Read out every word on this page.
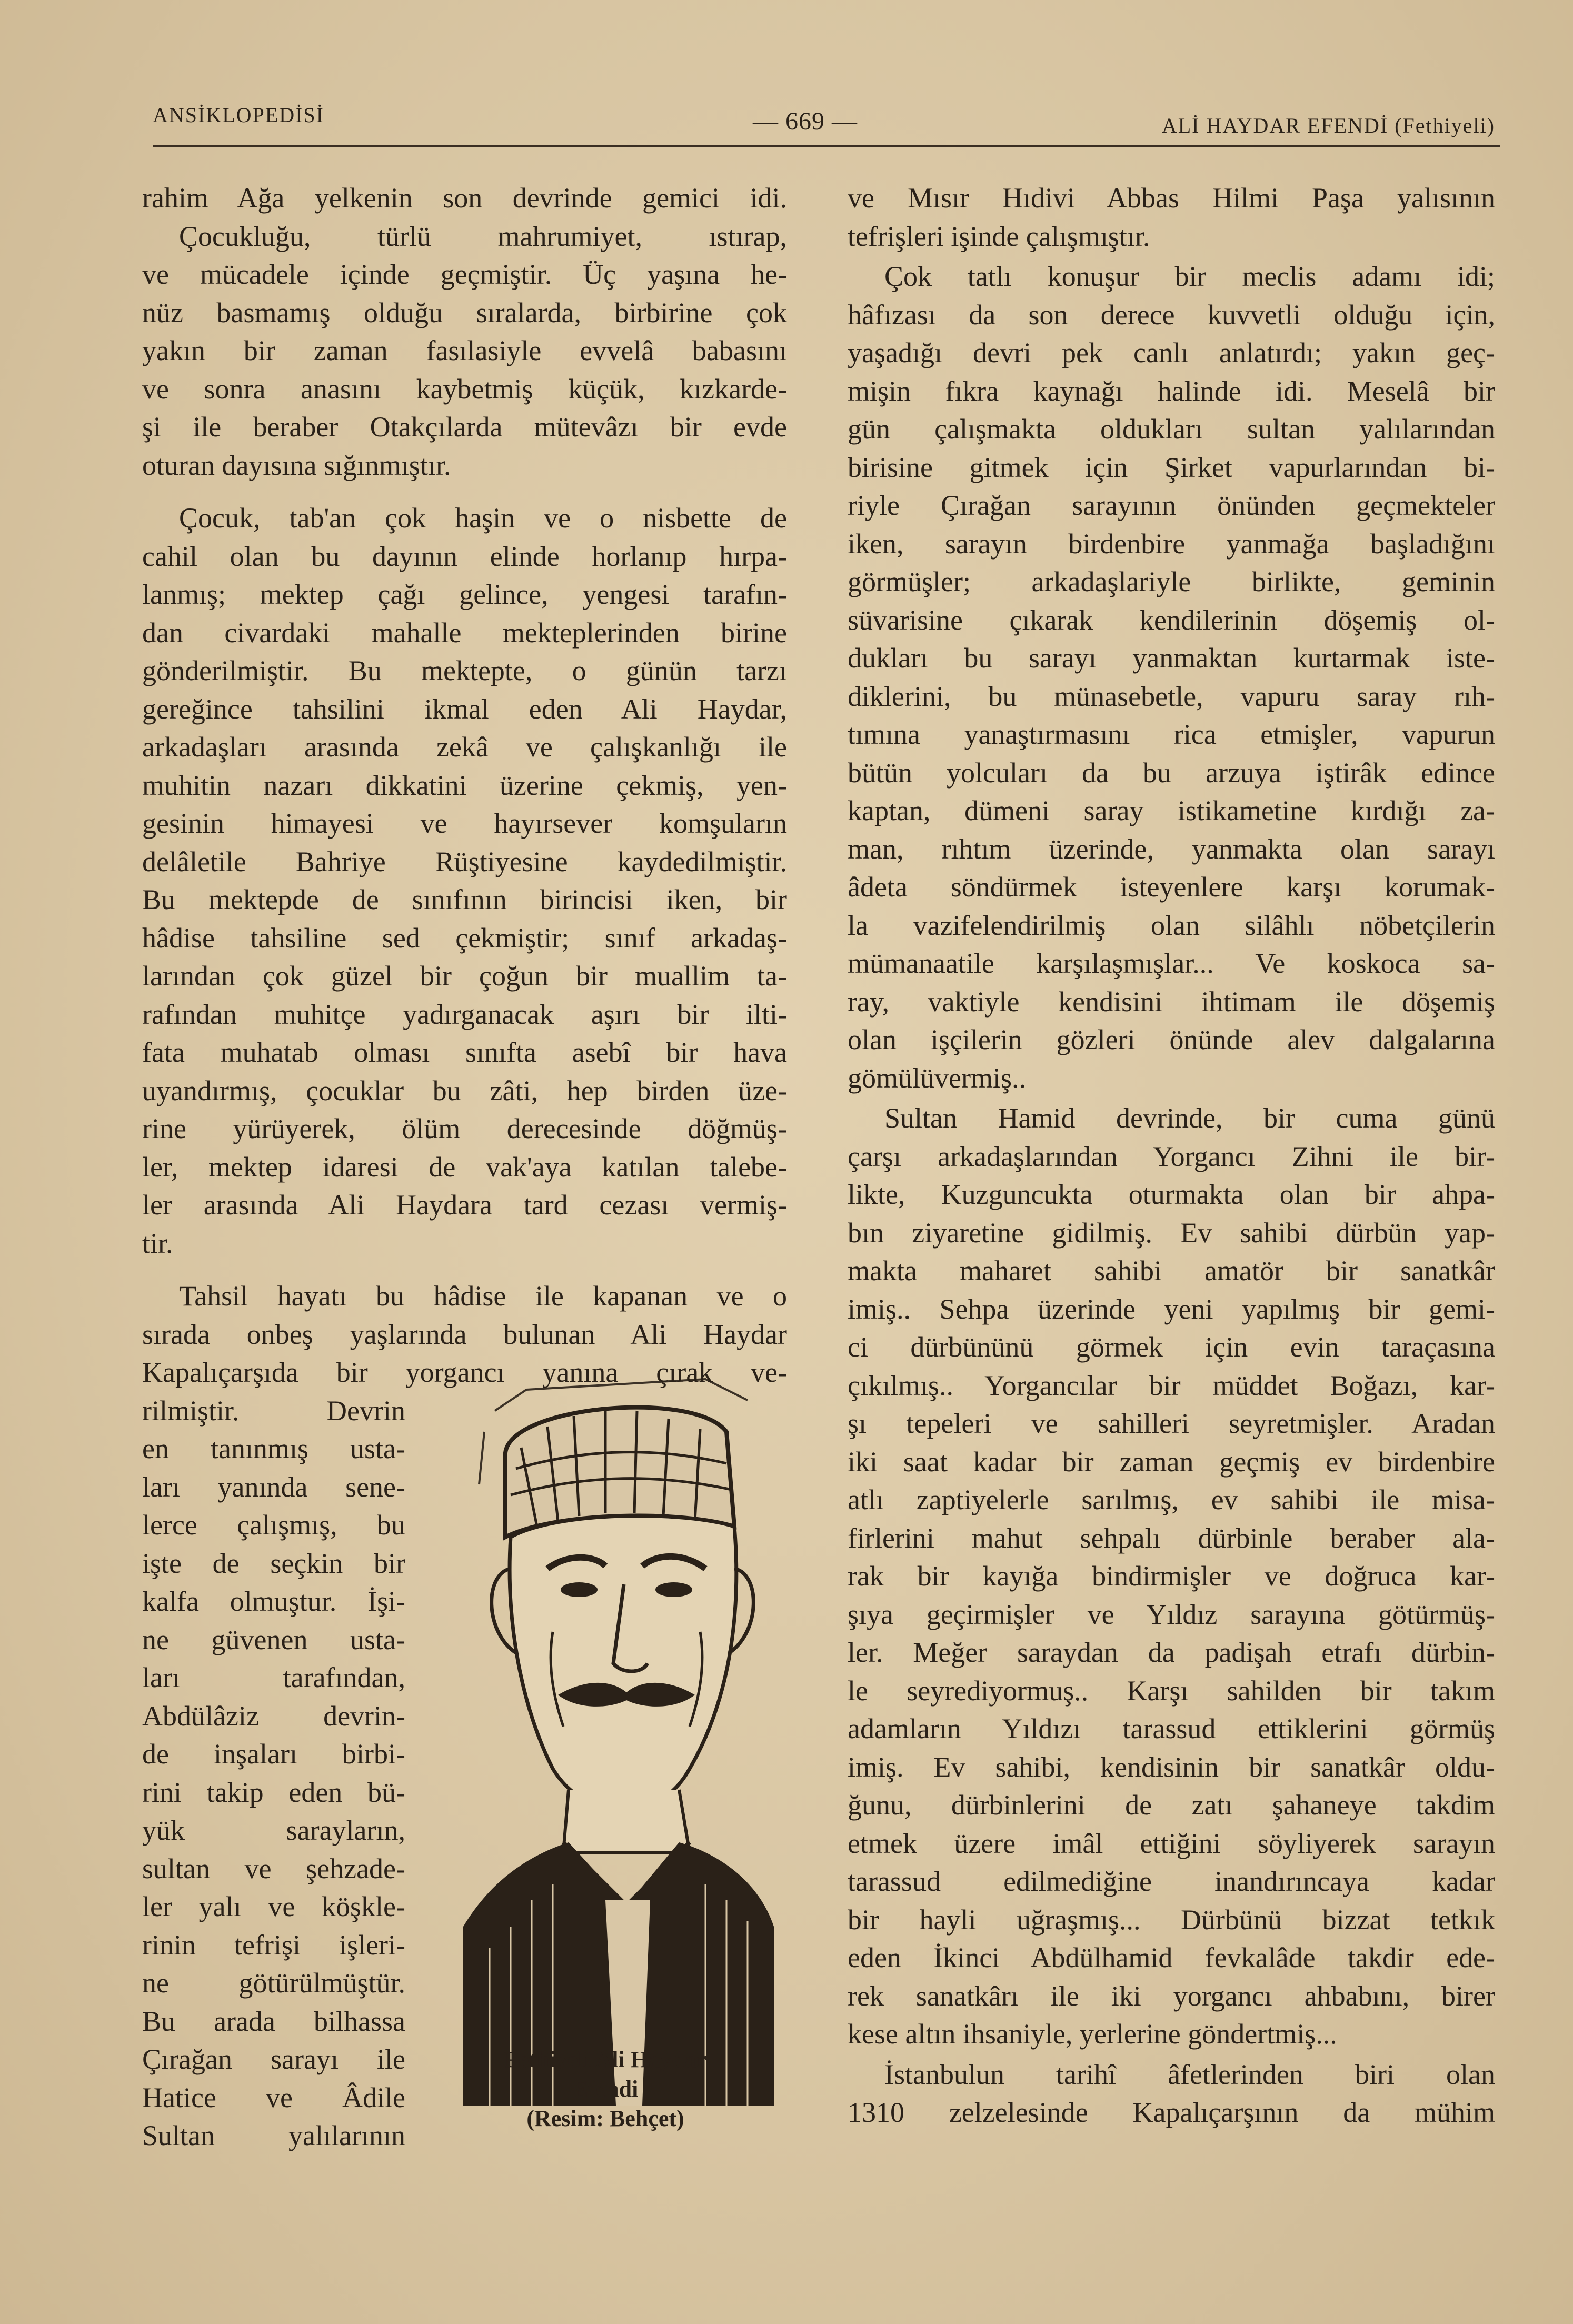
ANSİKLOPEDİSİ	— 669 —	ALİ HAYDAR EFENDİ (Fethiyeli)
rahim Ağa yelkenin son devrinde gemici idi.
Çocukluğu, türlü mahrumiyet, ıstırap,
ve mücadele içinde geçmiştir. Üç yaşına he-
nüz basmamış olduğu sıralarda, birbirine çok
yakın bir zaman fasılasiyle evvelâ babasını
ve sonra anasını kaybetmiş küçük, kızkarde-
şi ile beraber Otakçılarda mütevâzı bir evde
oturan dayısına sığınmıştır.
Çocuk, tab'an çok haşin ve o nisbette de
cahil olan bu dayının elinde horlanıp hırpa-
lanmış; mektep çağı gelince, yengesi tarafın-
dan civardaki mahalle mekteplerinden birine
gönderilmiştir. Bu mektepte, o günün tarzı
gereğince tahsilini ikmal eden Ali Haydar,
arkadaşları arasında zekâ ve çalışkanlığı ile
muhitin nazarı dikkatini üzerine çekmiş, yen-
gesinin himayesi ve hayırsever komşuların
delâletile Bahriye Rüştiyesine kaydedilmiştir.
Bu mektepde de sınıfının birincisi iken, bir
hâdise tahsiline sed çekmiştir; sınıf arkadaş-
larından çok güzel bir çoğun bir muallim ta-
rafından muhitçe yadırganacak aşırı bir ilti-
fata muhatab olması sınıfta asebî bir hava
uyandırmış, çocuklar bu zâti, hep birden üze-
rine yürüyerek, ölüm derecesinde döğmüş-
ler, mektep idaresi de vak'aya katılan talebe-
ler arasında Ali Haydara tard cezası vermiş-
tir.
Tahsil hayatı bu hâdise ile kapanan ve o
sırada onbeş yaşlarında bulunan Ali Haydar
Kapalıçarşıda bir yorgancı yanına çırak ve-
rilmiştir. Devrin
en tanınmış usta-
ları yanında sene-
lerce çalışmış, bu
işte de seçkin bir
kalfa olmuştur. İşi-
ne güvenen usta-
ları tarafından,
Abdülâziz devrin-
de inşaları birbi-
rini takip eden bü-
yük sarayların,
sultan ve şehzade-
ler yalı ve köşkle-
rinin tefrişi işleri-
ne götürülmüştür.
Bu arada bilhassa
Çırağan sarayı ile
Hatice ve Âdile
Sultan yalılarının
ve Mısır Hıdivi Abbas Hilmi Paşa yalısının
tefrişleri işinde çalışmıştır.
Çok tatlı konuşur bir meclis adamı idi;
hâfızası da son derece kuvvetli olduğu için,
yaşadığı devri pek canlı anlatırdı; yakın geç-
mişin fıkra kaynağı halinde idi. Meselâ bir
gün çalışmakta oldukları sultan yalılarından
birisine gitmek için Şirket vapurlarından bi-
riyle Çırağan sarayının önünden geçmekteler
iken, sarayın birdenbire yanmağa başladığını
görmüşler; arkadaşlariyle birlikte, geminin
süvarisine çıkarak kendilerinin döşemiş ol-
dukları bu sarayı yanmaktan kurtarmak iste-
diklerini, bu münasebetle, vapuru saray rıh-
tımına yanaştırmasını rica etmişler, vapurun
bütün yolcuları da bu arzuya iştirâk edince
kaptan, dümeni saray istikametine kırdığı za-
man, rıhtım üzerinde, yanmakta olan sarayı
âdeta söndürmek isteyenlere karşı korumak-
la vazifelendirilmiş olan silâhlı nöbetçilerin
mümanaatile karşılaşmışlar... Ve koskoca sa-
ray, vaktiyle kendisini ihtimam ile döşemiş
olan işçilerin gözleri önünde alev dalgalarına
gömülüvermiş..
Sultan Hamid devrinde, bir cuma günü
çarşı arkadaşlarından Yorgancı Zihni ile bir-
likte, Kuzguncukta oturmakta olan bir ahpa-
bın ziyaretine gidilmiş. Ev sahibi dürbün yap-
makta maharet sahibi amatör bir sanatkâr
imiş.. Sehpa üzerinde yeni yapılmış bir gemi-
ci dürbününü görmek için evin taraçasına
çıkılmış.. Yorgancılar bir müddet Boğazı, kar-
şı tepeleri ve sahilleri seyretmişler. Aradan
iki saat kadar bir zaman geçmiş ev birdenbire
atlı zaptiyelerle sarılmış, ev sahibi ile misa-
firlerini mahut sehpalı dürbinle beraber ala-
rak bir kayığa bindirmişler ve doğruca kar-
şıya geçirmişler ve Yıldız sarayına götürmüş-
ler. Meğer saraydan da padişah etrafı dürbin-
le seyrediyormuş.. Karşı sahilden bir takım
adamların Yıldızı tarassud ettiklerini görmüş
imiş. Ev sahibi, kendisinin bir sanatkâr oldu-
ğunu, dürbinlerini de zatı şahaneye takdim
etmek üzere imâl ettiğini söyliyerek sarayın
tarassud edilmediğine inandırıncaya kadar
bir hayli uğraşmış... Dürbünü bizzat tetkık
eden İkinci Abdülhamid fevkalâde takdir ede-
rek sanatkârı ile iki yorgancı ahbabını, birer
kese altın ihsaniyle, yerlerine göndertmiş...
İstanbulun tarihî âfetlerinden biri olan
1310 zelzelesinde Kapalıçarşının da mühim
Fethiyeli Ali Haydar
Efendi
(Resim: Behçet)
